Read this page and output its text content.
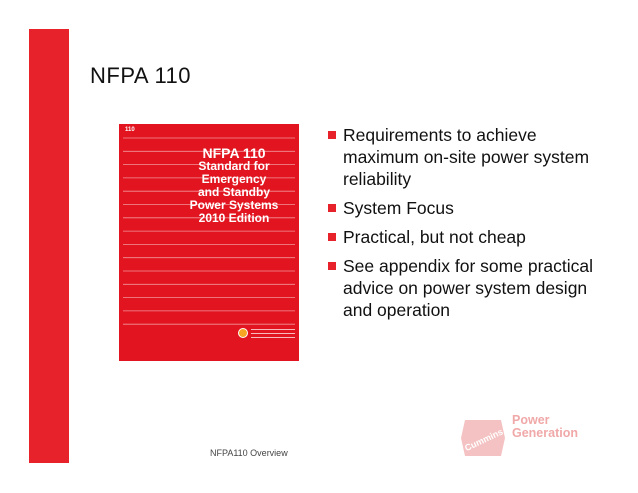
NFPA 110
110
NFPA 110
Standard for
Emergency
and Standby
Power Systems
2010 Edition
Requirements to achieve maximum on-site power system reliability
System Focus
Practical, but not cheap
See appendix for some practical advice on power system design and operation
NFPA110 Overview	Cummins
Power
Generation
